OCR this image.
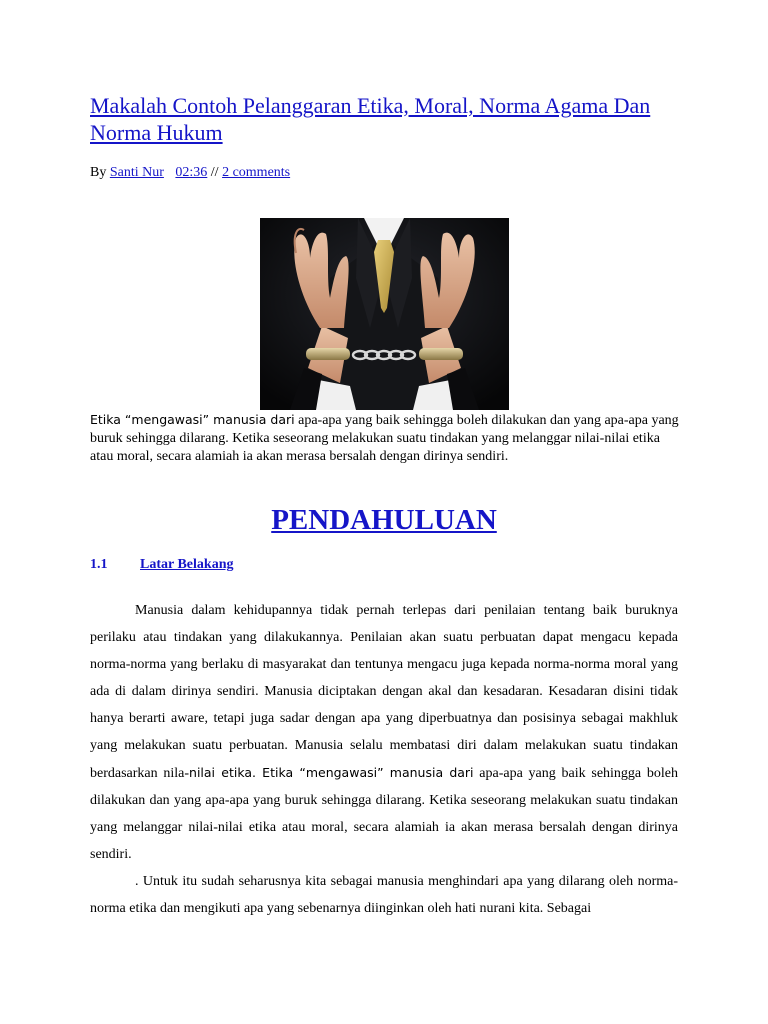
Makalah Contoh Pelanggaran Etika, Moral, Norma Agama Dan Norma Hukum
By Santi Nur 02:36 // 2 comments
Etika “mengawasi” manusia dari apa-apa yang baik sehingga boleh dilakukan dan yang apa-apa yang buruk sehingga dilarang. Ketika seseorang melakukan suatu tindakan yang melanggar nilai-nilai etika atau moral, secara alamiah ia akan merasa bersalah dengan dirinya sendiri.
PENDAHULUAN
1.1 Latar Belakang

Manusia dalam kehidupannya tidak pernah terlepas dari penilaian tentang baik buruknya perilaku atau tindakan yang dilakukannya. Penilaian akan suatu perbuatan dapat mengacu kepada norma-norma yang berlaku di masyarakat dan tentunya mengacu juga kepada norma-norma moral yang ada di dalam dirinya sendiri. Manusia diciptakan dengan akal dan kesadaran. Kesadaran disini tidak hanya berarti aware, tetapi juga sadar dengan apa yang diperbuatnya dan posisinya sebagai makhluk yang melakukan suatu perbuatan. Manusia selalu membatasi diri dalam melakukan suatu tindakan berdasarkan nila-nilai etika. Etika “mengawasi” manusia dari apa-apa yang baik sehingga boleh dilakukan dan yang apa-apa yang buruk sehingga dilarang. Ketika seseorang melakukan suatu tindakan yang melanggar nilai-nilai etika atau moral, secara alamiah ia akan merasa bersalah dengan dirinya sendiri.

. Untuk itu sudah seharusnya kita sebagai manusia menghindari apa yang dilarang oleh norma-norma etika dan mengikuti apa yang sebenarnya diinginkan oleh hati nurani kita. Sebagai
